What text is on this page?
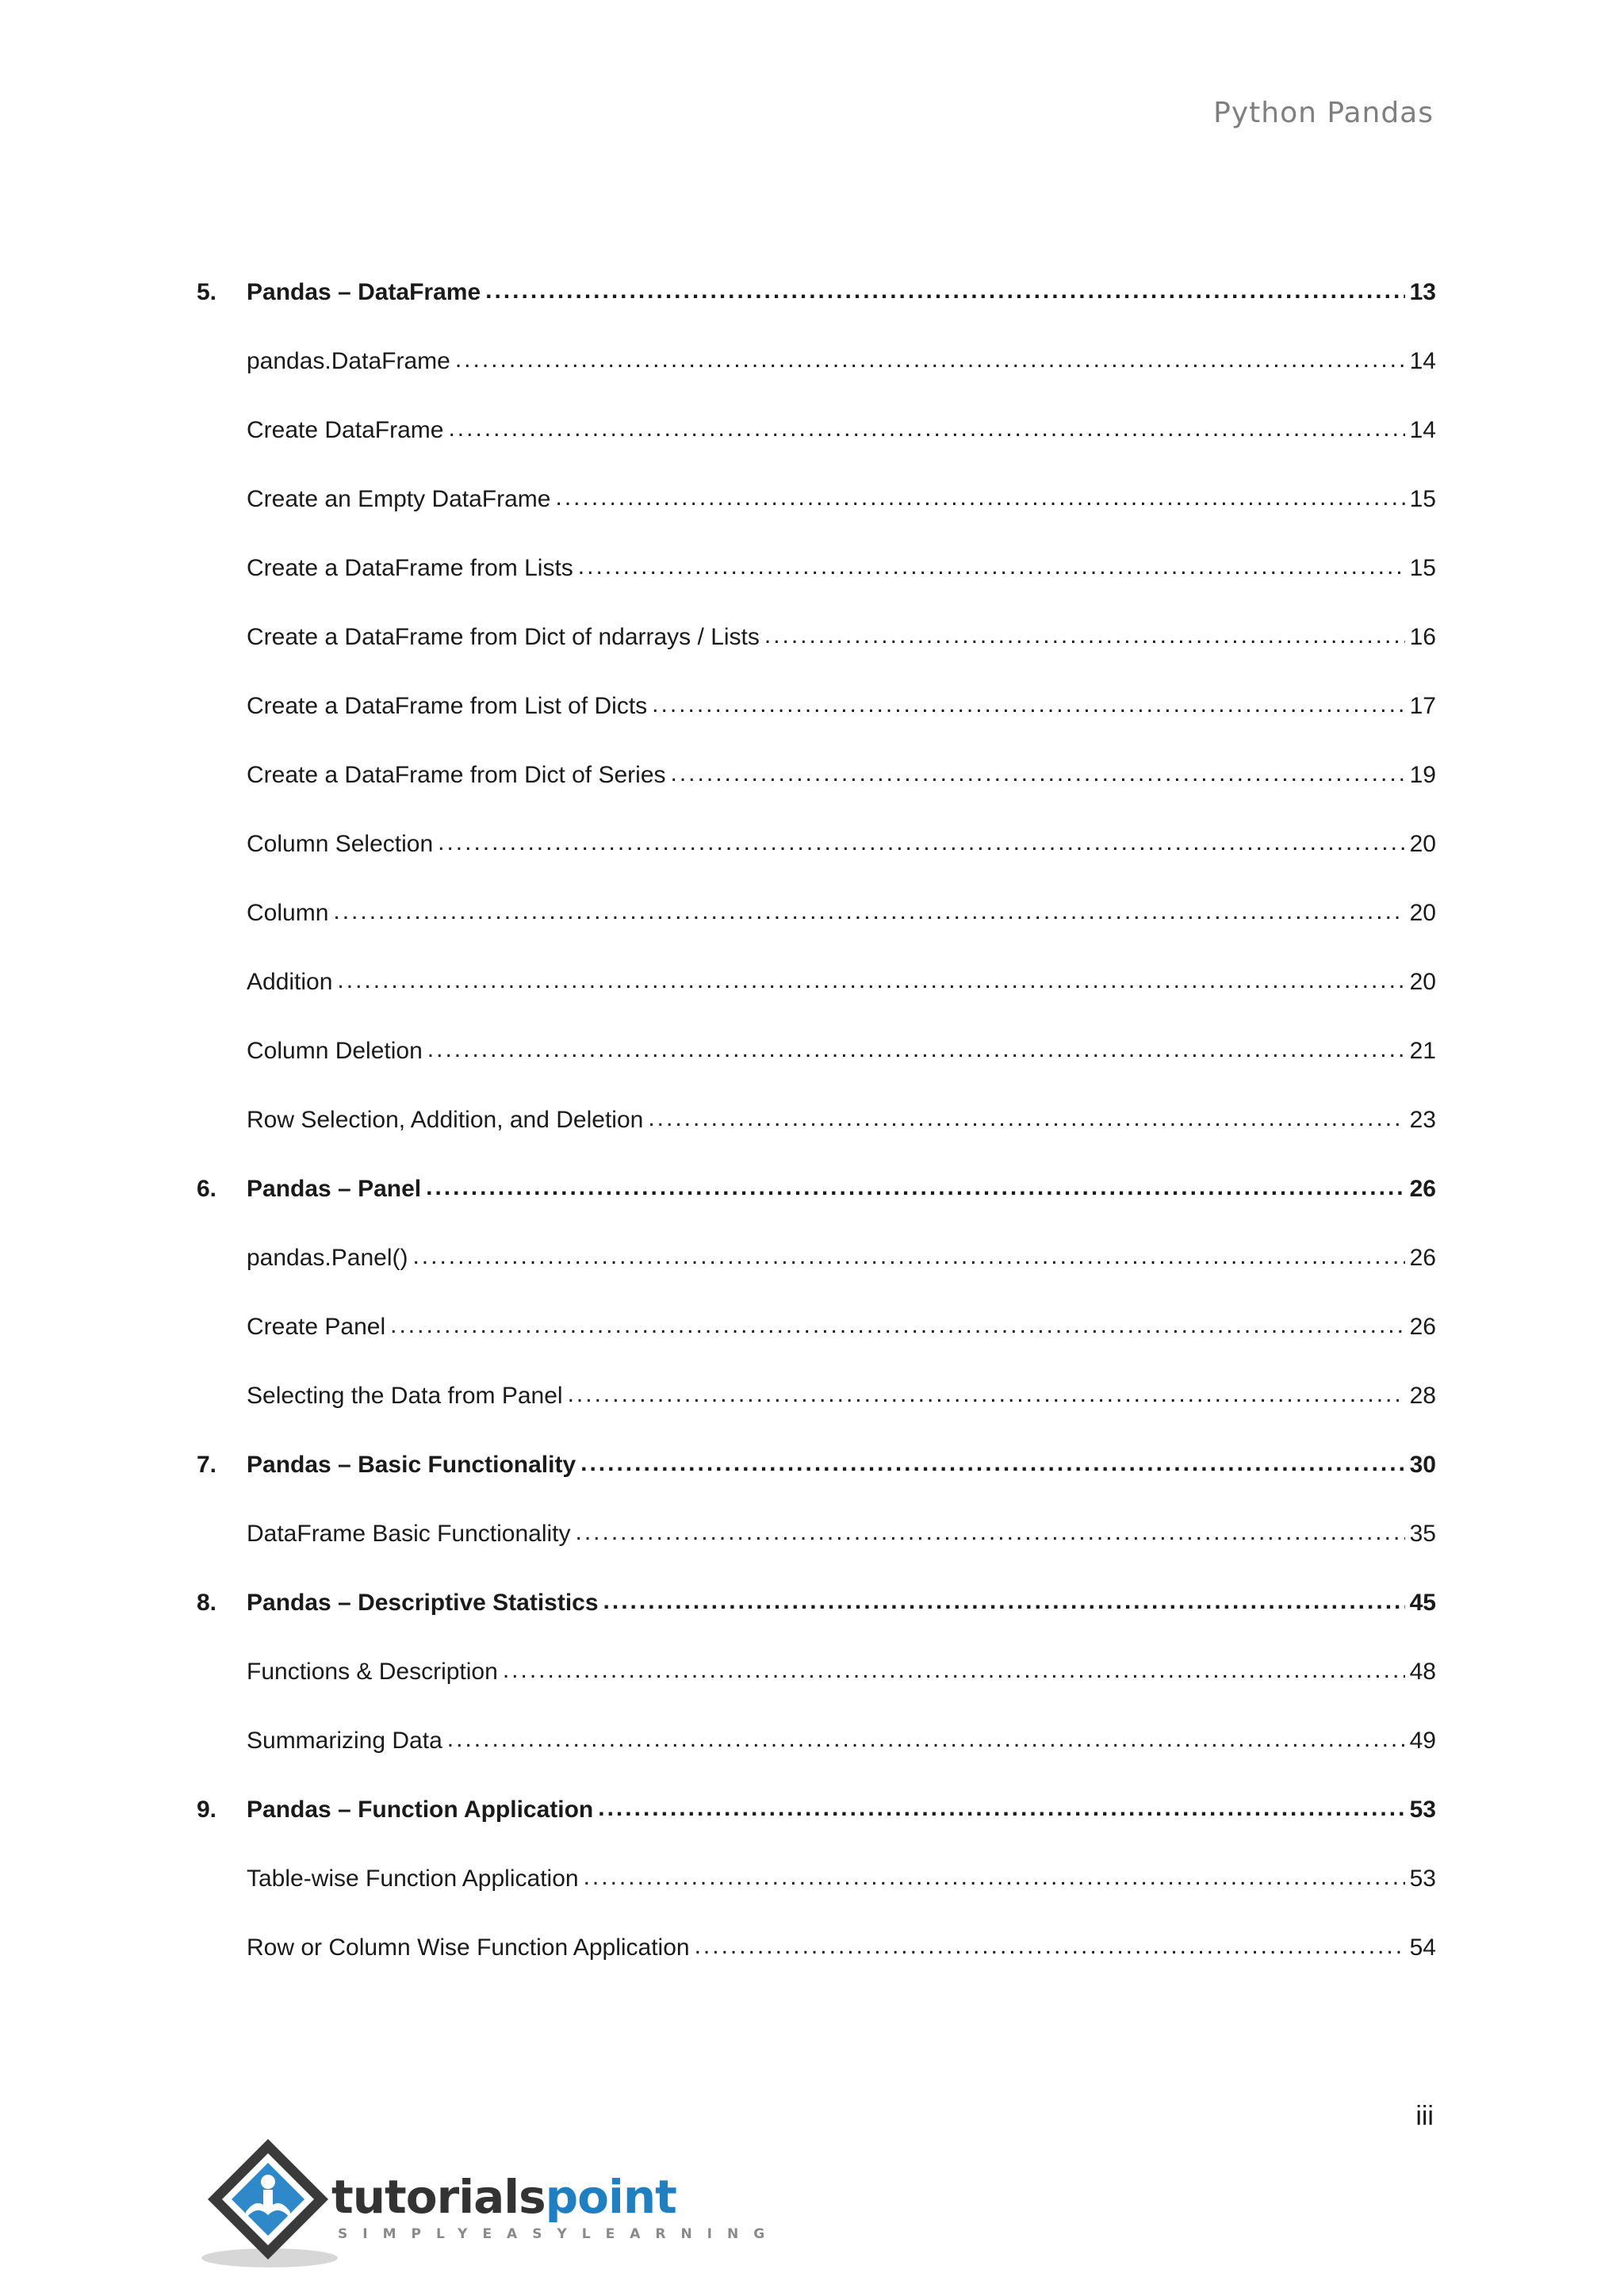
Python Pandas
5.	Pandas – DataFrame .....	13
pandas.DataFrame .....	14
Create DataFrame .....	14
Create an Empty DataFrame .....	15
Create a DataFrame from Lists .....	15
Create a DataFrame from Dict of ndarrays / Lists .....	16
Create a DataFrame from List of Dicts .....	17
Create a DataFrame from Dict of Series .....	19
Column Selection .....	20
Column .....	20
Addition .....	20
Column Deletion .....	21
Row Selection, Addition, and Deletion .....	23
6.	Pandas – Panel .....	26
pandas.Panel() .....	26
Create Panel .....	26
Selecting the Data from Panel .....	28
7.	Pandas – Basic Functionality .....	30
DataFrame Basic Functionality .....	35
8.	Pandas – Descriptive Statistics .....	45
Functions & Description .....	48
Summarizing Data .....	49
9.	Pandas – Function Application .....	53
Table-wise Function Application .....	53
Row or Column Wise Function Application .....	54
iii
tutorialspoint
SIMPLYEASYLEARNING
